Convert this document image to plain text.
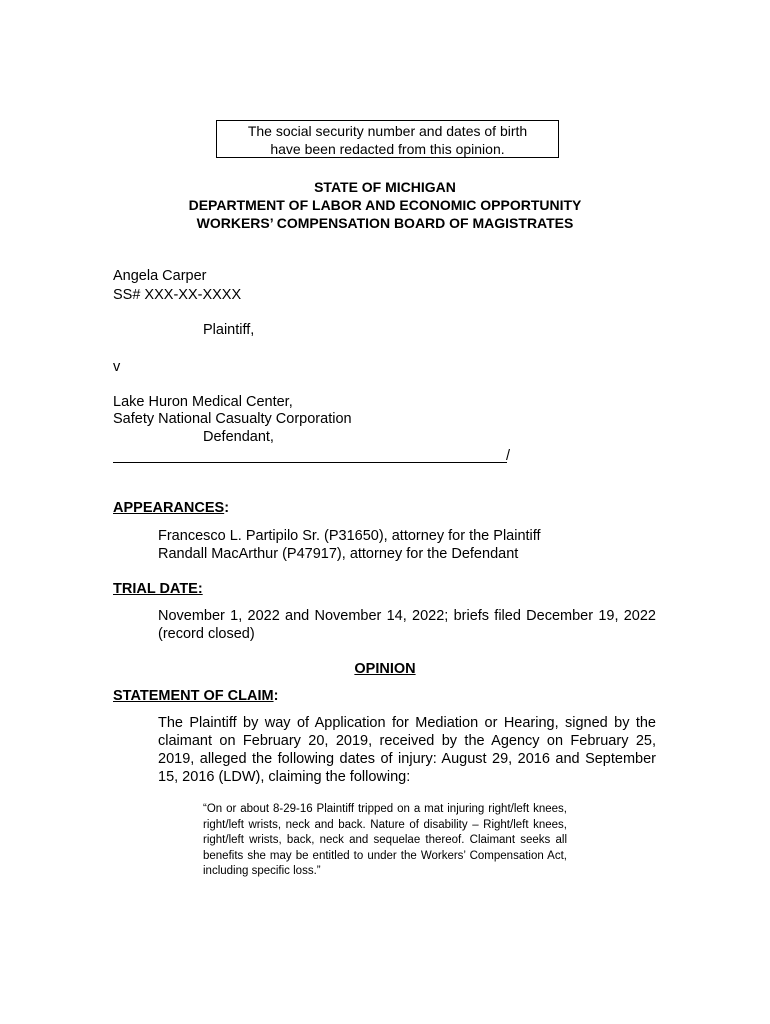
The social security number and dates of birth
have been redacted from this opinion.
STATE OF MICHIGAN
DEPARTMENT OF LABOR AND ECONOMIC OPPORTUNITY
WORKERS’ COMPENSATION BOARD OF MAGISTRATES
Angela Carper
SS# XXX-XX-XXXX
Plaintiff,
v
Lake Huron Medical Center,
Safety National Casualty Corporation
Defendant,
/
APPEARANCES:
Francesco L. Partipilo Sr. (P31650), attorney for the Plaintiff
Randall MacArthur (P47917), attorney for the Defendant
TRIAL DATE:
November 1, 2022 and November 14, 2022; briefs filed December 19, 2022 (record closed)
OPINION
STATEMENT OF CLAIM:
The Plaintiff by way of Application for Mediation or Hearing, signed by the claimant on February 20, 2019, received by the Agency on February 25, 2019, alleged the following dates of injury: August 29, 2016 and September 15, 2016 (LDW), claiming the following:
“On or about 8-29-16 Plaintiff tripped on a mat injuring right/left knees, right/left wrists, neck and back. Nature of disability – Right/left knees, right/left wrists, back, neck and sequelae thereof. Claimant seeks all benefits she may be entitled to under the Workers’ Compensation Act, including specific loss.”
